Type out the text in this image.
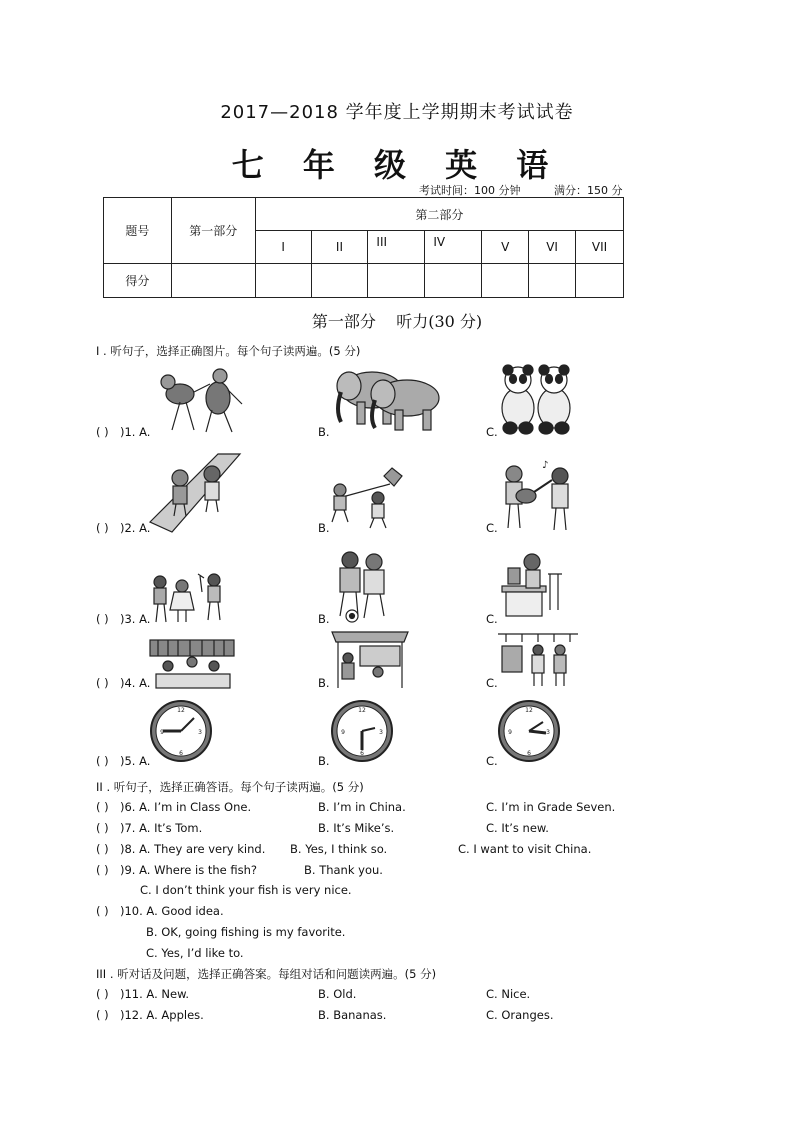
2017—2018 学年度上学期期末考试试卷
七 年 级 英 语
考试时间：100 分钟	满分：150 分
题号	第一部分	第二部分						
		I	II	III	IV	V	VI	VII
得分								
第一部分    听力(30 分)
I . 听句子，选择正确图片。每个句子读两遍。(5 分)
( ) )1. A.	B.	C.
( ) )2. A.	B.	C.
♪
( ) )3. A.	B.	C.
( ) )4. A.	B.	C.
( ) )5. A.	B.	C.
12
3
6
9
12
3
6
9
12
3
6
9
II . 听句子，选择正确答语。每个句子读两遍。(5 分)
( ) )6. A. I’m in Class One.	B. I’m in China.	C. I’m in Grade Seven.
( ) )7. A. It’s Tom.	B. It’s Mike’s.	C. It’s new.
( ) )8. A. They are very kind. B. Yes, I think so.	C. I want to visit China.
( ) )9. A. Where is the fish?	B. Thank you.
C. I don’t think your fish is very nice.
( ) )10. A. Good idea.
B. OK, going fishing is my favorite.
C. Yes, I’d like to.
III . 听对话及问题，选择正确答案。每组对话和问题读两遍。(5 分)
( ) )11. A. New.	B. Old.	C. Nice.
( ) )12. A. Apples.	B. Bananas.	C. Oranges.
